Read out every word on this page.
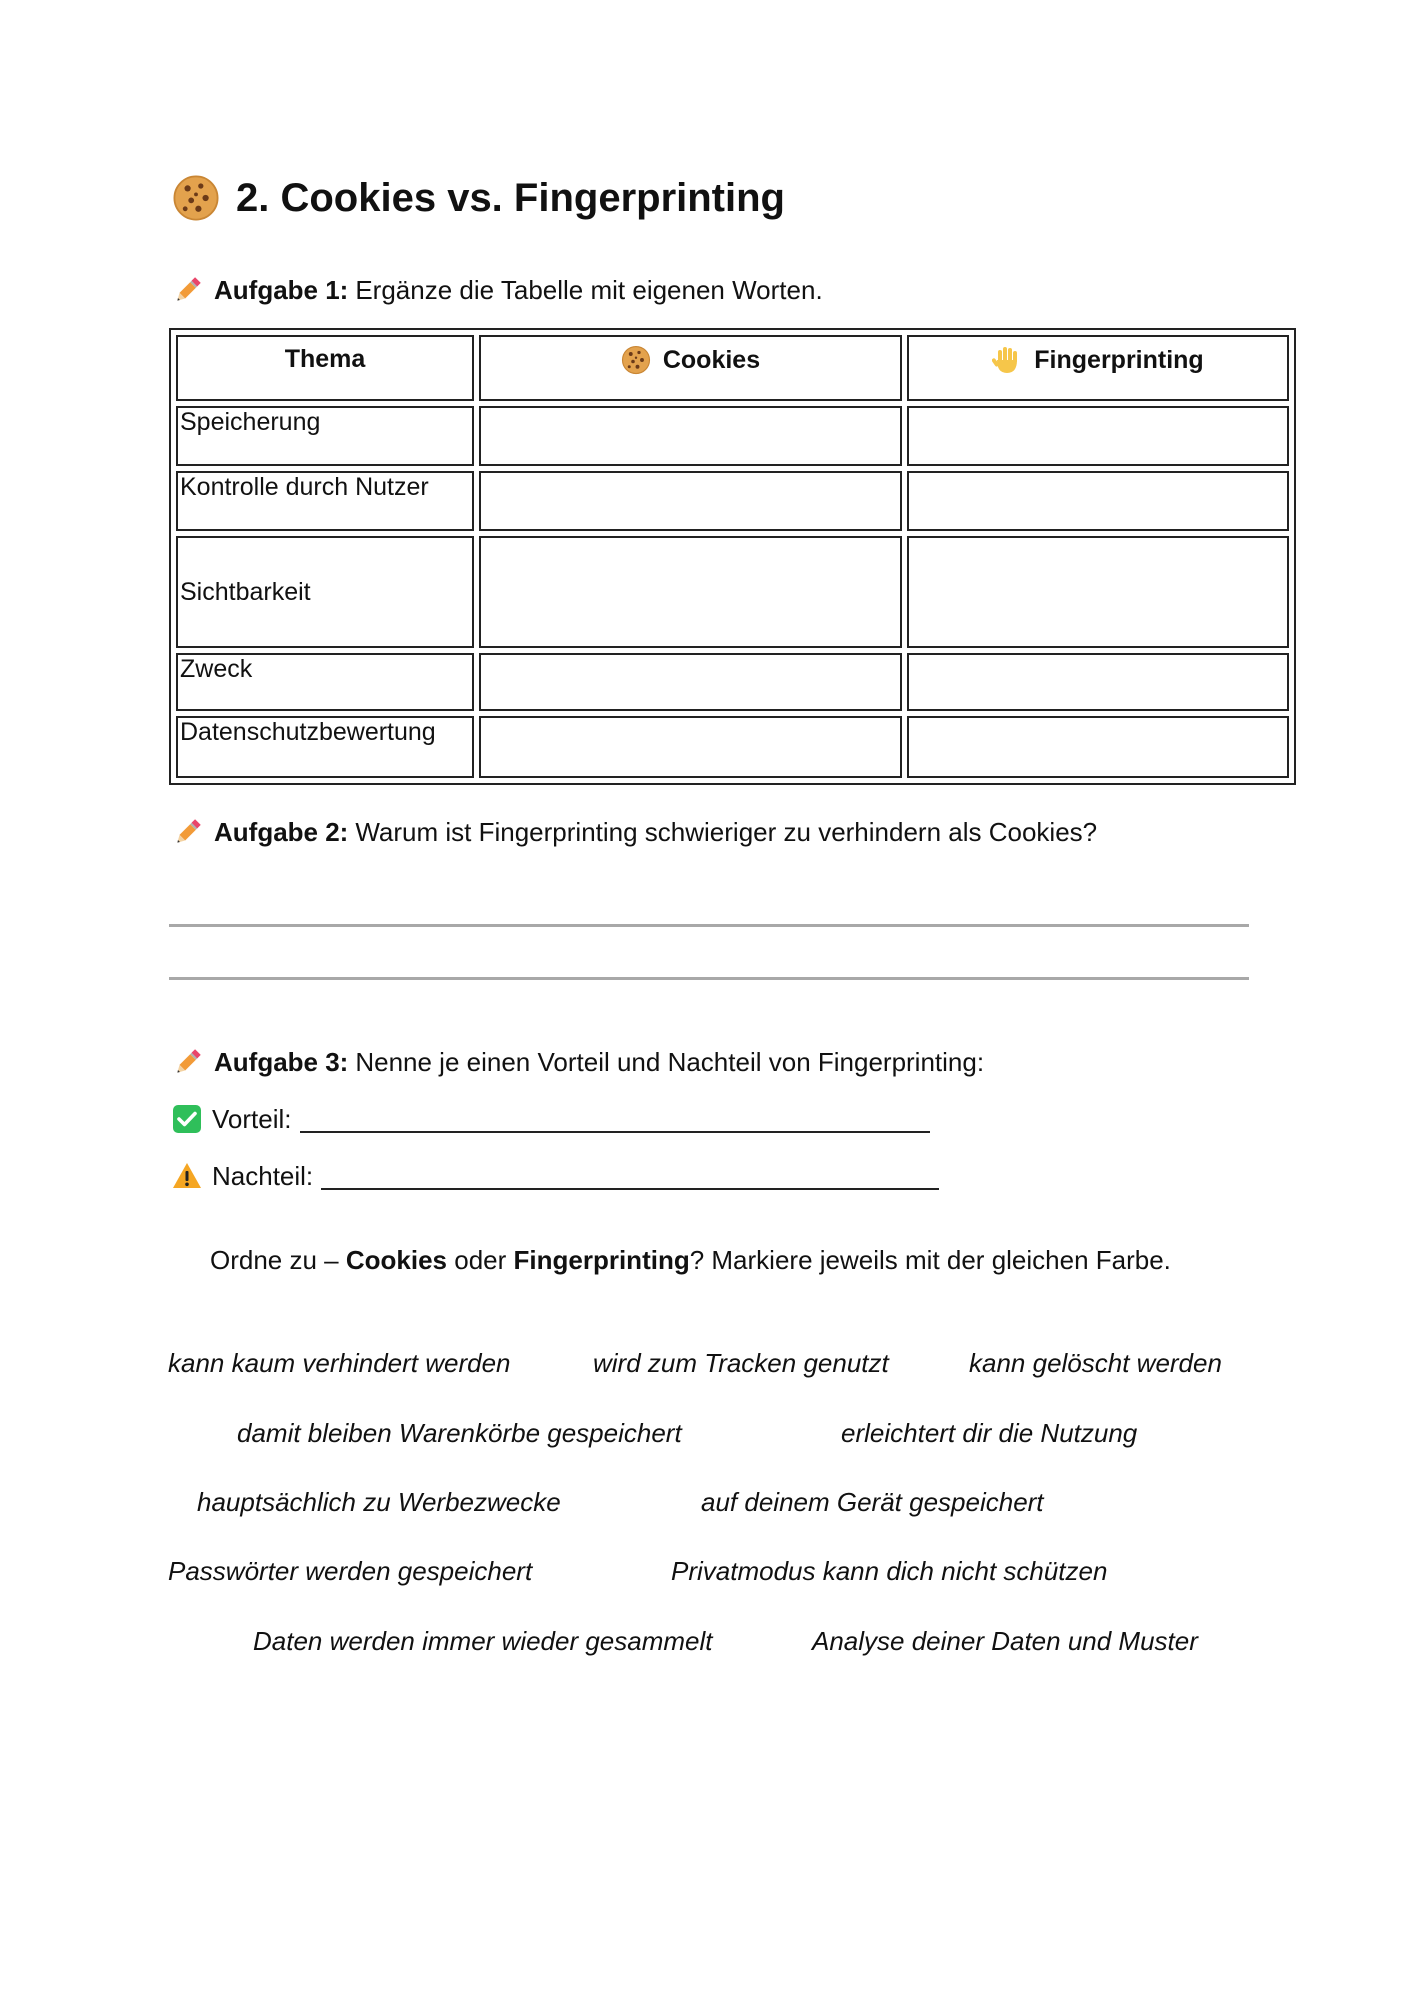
2. Cookies vs. Fingerprinting
Aufgabe 1: Ergänze die Tabelle mit eigenen Worten.
Thema	Cookies	Fingerprinting

Speicherung		
Kontrolle durch Nutzer		
Sichtbarkeit		
Zweck		
Datenschutzbewertung		
Aufgabe 2: Warum ist Fingerprinting schwieriger zu verhindern als Cookies?
Aufgabe 3: Nenne je einen Vorteil und Nachteil von Fingerprinting:
Vorteil:
Nachteil:
Ordne zu – Cookies oder Fingerprinting? Markiere jeweils mit der gleichen Farbe.
kann kaum verhindert werden	wird zum Tracken genutzt	kann gelöscht werden
damit bleiben Warenkörbe gespeichert	erleichtert dir die Nutzung
hauptsächlich zu Werbezwecke	auf deinem Gerät gespeichert
Passwörter werden gespeichert	Privatmodus kann dich nicht schützen
Daten werden immer wieder gesammelt	Analyse deiner Daten und Muster
